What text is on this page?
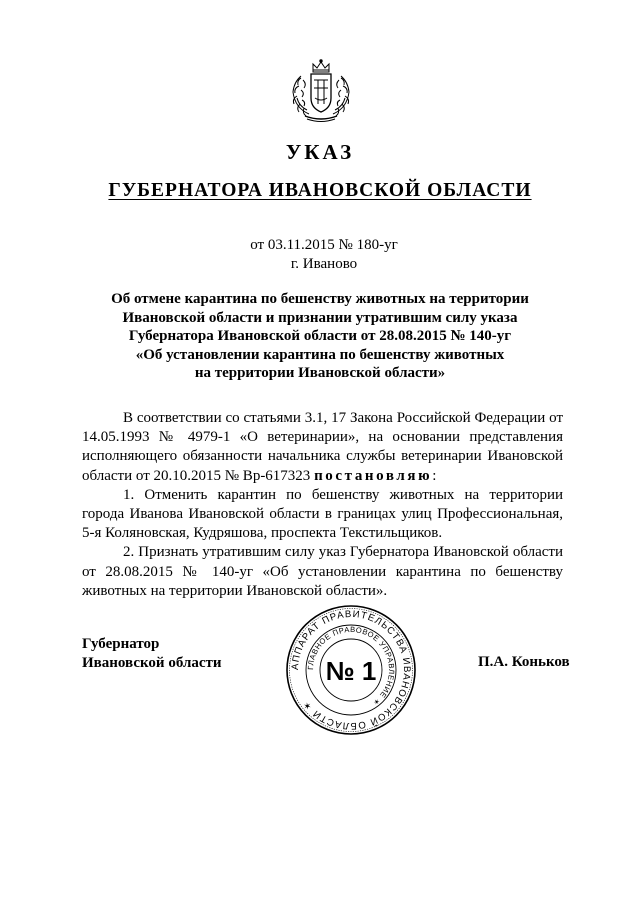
УКАЗ
ГУБЕРНАТОРА ИВАНОВСКОЙ ОБЛАСТИ
от 03.11.2015 № 180-уг
г. Иваново
Об отмене карантина по бешенству животных на территории
Ивановской области и признании утратившим силу указа
Губернатора Ивановской области от 28.08.2015 № 140-уг
«Об установлении карантина по бешенству животных
на территории Ивановской области»

В соответствии со статьями 3.1, 17 Закона Российской Федерации от 14.05.1993 № 4979-1 «О ветеринарии», на основании представления исполняющего обязанности начальника службы ветеринарии Ивановской области от 20.10.2015 № Вр-617323 постановляю:

1. Отменить карантин по бешенству животных на территории города Иванова Ивановской области в границах улиц Профессиональная, 5-я Коляновская, Кудряшова, проспекта Текстильщиков.

2. Признать утратившим силу указ Губернатора Ивановской области от 28.08.2015 № 140-уг «Об установлении карантина по бешенству животных на территории Ивановской области».

Губернатор
Ивановской области	АППАРАТ ПРАВИТЕЛЬСТВА ИВАНОВСКОЙ ОБЛАСТИ ✶
ГЛАВНОЕ ПРАВОВОЕ УПРАВЛЕНИЕ ✶
№ 1	П.А. Коньков
